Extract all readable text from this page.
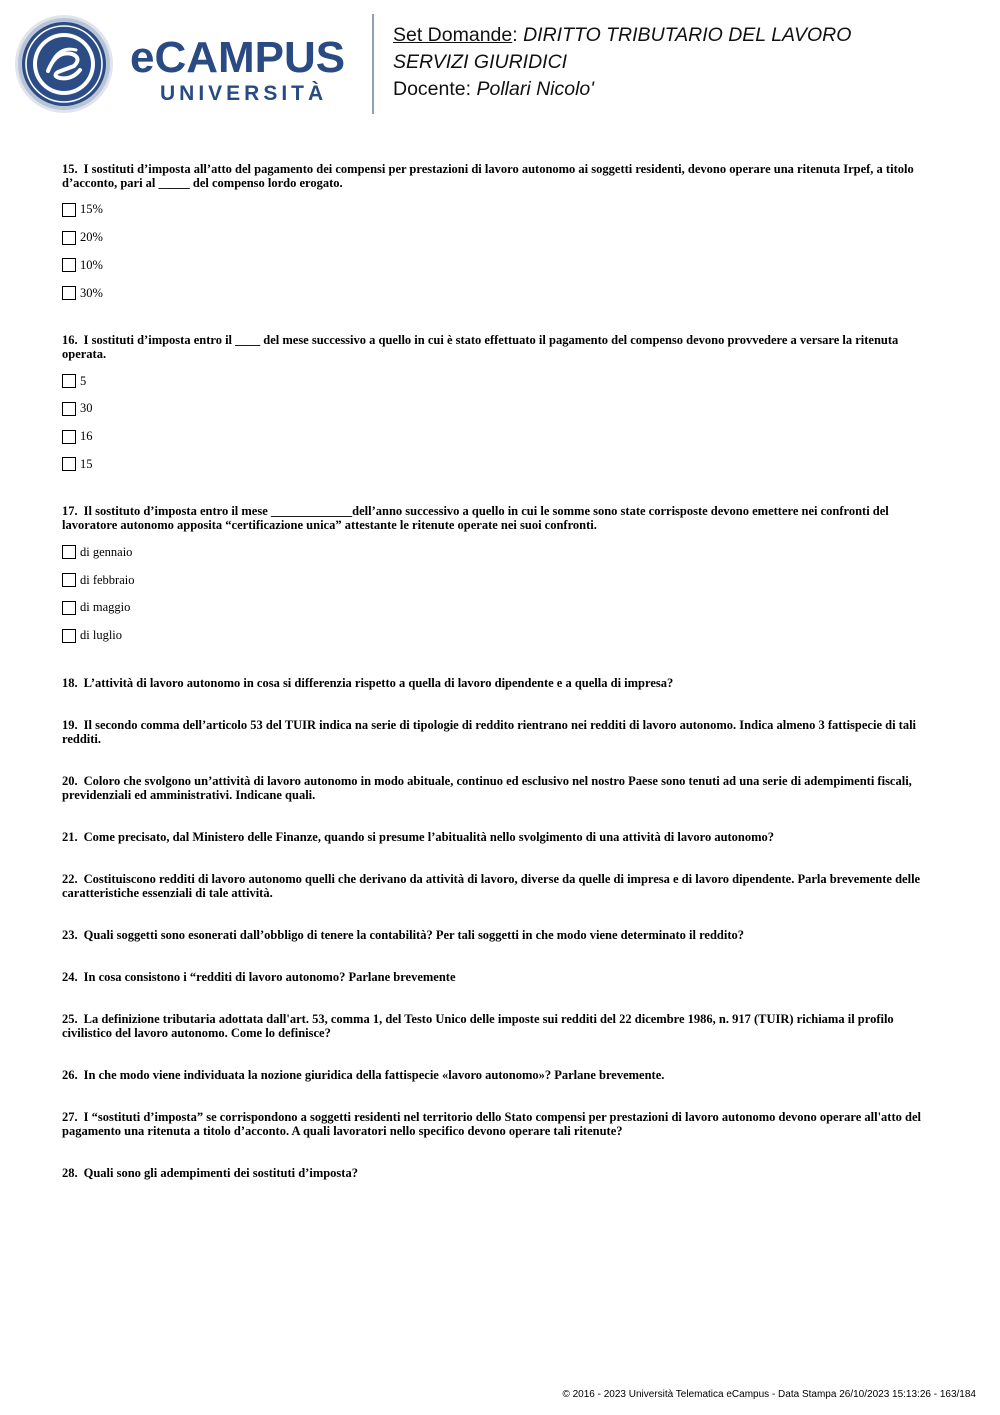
eCAMPUS
UNIVERSITÀ
Set Domande: DIRITTO TRIBUTARIO DEL LAVORO
SERVIZI GIURIDICI
Docente: Pollari Nicolo'

15. I sostituti d’imposta all’atto del pagamento dei compensi per prestazioni di lavoro autonomo ai soggetti residenti, devono operare una ritenuta Irpef, a titolo d’acconto, pari al _____ del compenso lordo erogato.

15%
20%
10%
30%

16. I sostituti d’imposta entro il ____ del mese successivo a quello in cui è stato effettuato il pagamento del compenso devono provvedere a versare la ritenuta operata.

5
30
16
15

17. Il sostituto d’imposta entro il mese _____________dell’anno successivo a quello in cui le somme sono state corrisposte devono emettere nei confronti del lavoratore autonomo apposita “certificazione unica” attestante le ritenute operate nei suoi confronti.

di gennaio
di febbraio
di maggio
di luglio

18. L’attività di lavoro autonomo in cosa si differenzia rispetto a quella di lavoro dipendente e a quella di impresa?

19. Il secondo comma dell’articolo 53 del TUIR indica na serie di tipologie di reddito rientrano nei redditi di lavoro autonomo. Indica almeno 3 fattispecie di tali redditi.

20. Coloro che svolgono un’attività di lavoro autonomo in modo abituale, continuo ed esclusivo nel nostro Paese sono tenuti ad una serie di adempimenti fiscali, previdenziali ed amministrativi. Indicane quali.

21. Come precisato, dal Ministero delle Finanze, quando si presume l’abitualità nello svolgimento di una attività di lavoro autonomo?

22. Costituiscono redditi di lavoro autonomo quelli che derivano da attività di lavoro, diverse da quelle di impresa e di lavoro dipendente. Parla brevemente delle caratteristiche essenziali di tale attività.

23. Quali soggetti sono esonerati dall’obbligo di tenere la contabilità? Per tali soggetti in che modo viene determinato il reddito?

24. In cosa consistono i “redditi di lavoro autonomo? Parlane brevemente

25. La definizione tributaria adottata dall'art. 53, comma 1, del Testo Unico delle imposte sui redditi del 22 dicembre 1986, n. 917 (TUIR) richiama il profilo civilistico del lavoro autonomo. Come lo definisce?

26. In che modo viene individuata la nozione giuridica della fattispecie «lavoro autonomo»? Parlane brevemente.

27. I “sostituti d’imposta” se corrispondono a soggetti residenti nel territorio dello Stato compensi per prestazioni di lavoro autonomo devono operare all'atto del pagamento una ritenuta a titolo d’acconto. A quali lavoratori nello specifico devono operare tali ritenute?

28. Quali sono gli adempimenti dei sostituti d’imposta?

© 2016 - 2023 Università Telematica eCampus - Data Stampa 26/10/2023 15:13:26 - 163/184
